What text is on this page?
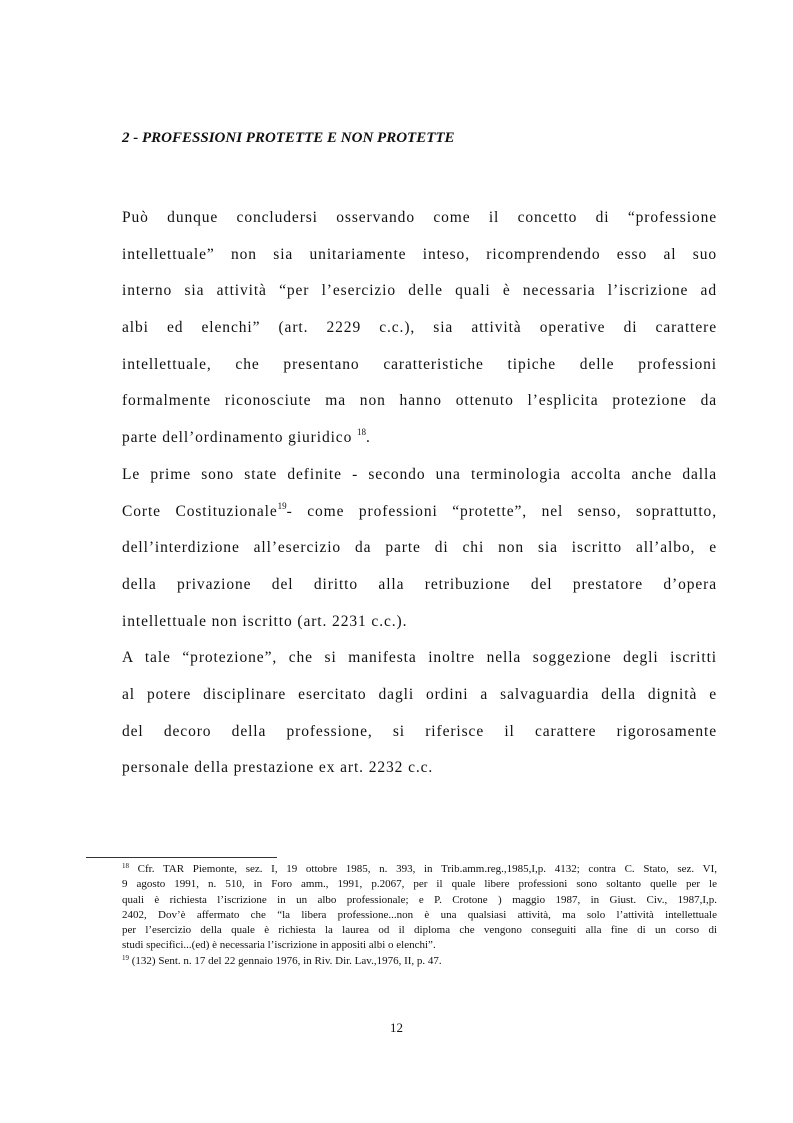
2 - PROFESSIONI PROTETTE E NON PROTETTE
Può dunque concludersi osservando come il concetto di “professione
intellettuale” non sia unitariamente inteso, ricomprendendo esso al suo
interno sia attività “per l’esercizio delle quali è necessaria l’iscrizione ad
albi ed elenchi” (art. 2229 c.c.), sia attività operative di carattere
intellettuale, che presentano caratteristiche tipiche delle professioni
formalmente riconosciute ma non hanno ottenuto l’esplicita protezione da
parte dell’ordinamento giuridico $^{18}$.
Le prime sono state definite - secondo una terminologia accolta anche dalla
Corte Costituzionale$^{19}$- come professioni “protette”, nel senso, soprattutto,
dell’interdizione all’esercizio da parte di chi non sia iscritto all’albo, e
della privazione del diritto alla retribuzione del prestatore d’opera
intellettuale non iscritto (art. 2231 c.c.).
A tale “protezione”, che si manifesta inoltre nella soggezione degli iscritti
al potere disciplinare esercitato dagli ordini a salvaguardia della dignità e
del decoro della professione, si riferisce il carattere rigorosamente
personale della prestazione ex art. 2232 c.c.
$^{18}$ Cfr. TAR Piemonte, sez. I, 19 ottobre 1985, n. 393, in Trib.amm.reg.,1985,I,p. 4132; contra C. Stato, sez. VI,
9 agosto 1991, n. 510, in Foro amm., 1991, p.2067, per il quale libere professioni sono soltanto quelle per le
quali è richiesta l’iscrizione in un albo professionale; e P. Crotone ) maggio 1987, in Giust. Civ., 1987,I,p.
2402, Dov’è affermato che “la libera professione...non è una qualsiasi attività, ma solo l’attività intellettuale
per l’esercizio della quale è richiesta la laurea od il diploma che vengono conseguiti alla fine di un corso di
studi specifici...(ed) è necessaria l’iscrizione in appositi albi o elenchi”.
$^{19}$ (132) Sent. n. 17 del 22 gennaio 1976, in Riv. Dir. Lav.,1976, II, p. 47.
12
